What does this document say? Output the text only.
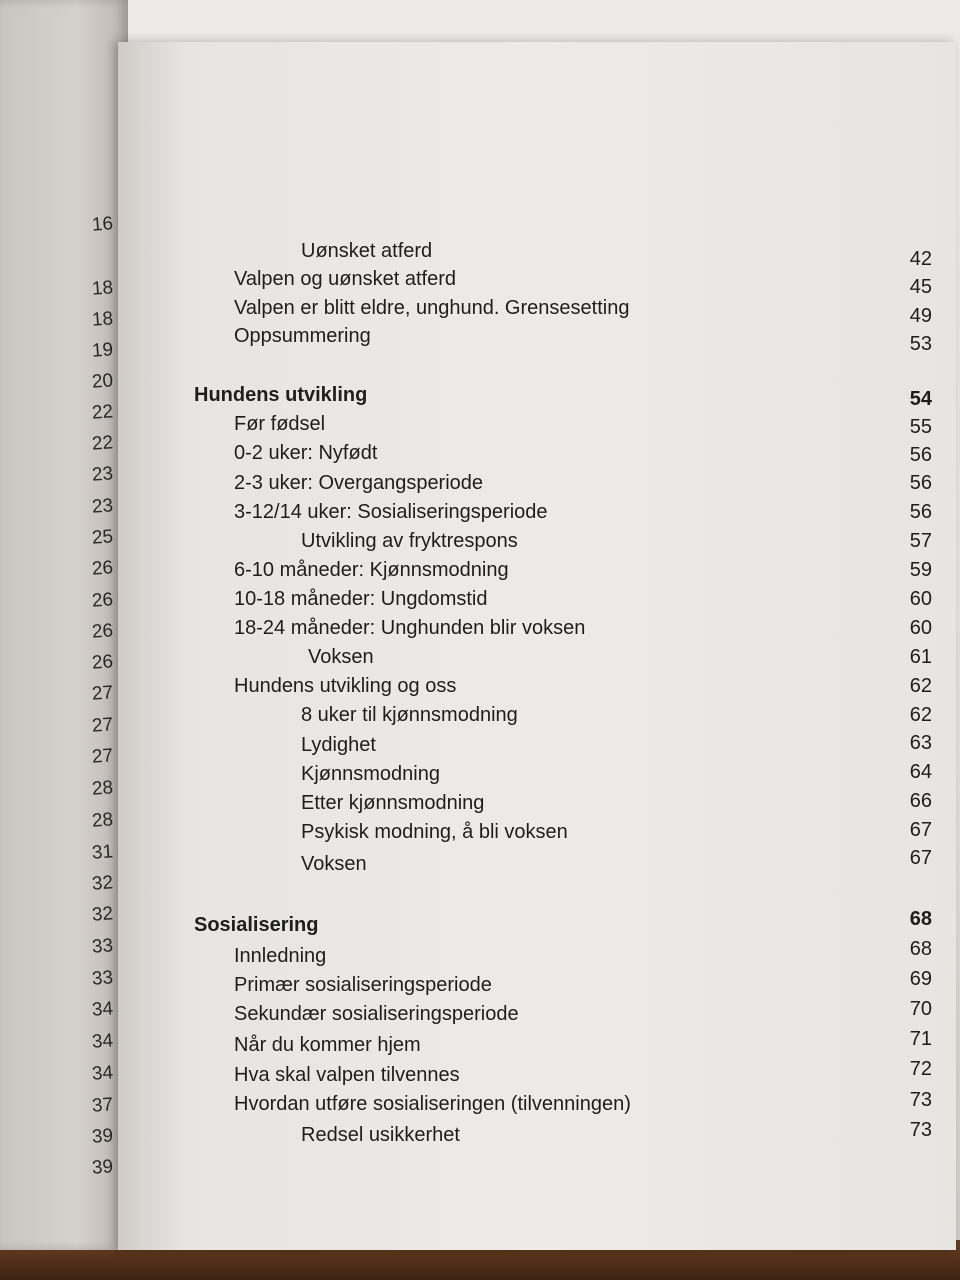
16
18
18
19
20
22
22
23
23
25
26
26
26
26
27
27
27
28
28
31
32
32
33
33
34
34
34
37
39
39
Uønsket atferd	42
Valpen og uønsket atferd	45
Valpen er blitt eldre, unghund. Grensesetting	49
Oppsummering	53
Hundens utvikling	54
Før fødsel	55
0-2 uker: Nyfødt	56
2-3 uker: Overgangsperiode	56
3-12/14 uker: Sosialiseringsperiode	56
Utvikling av fryktrespons	57
6-10 måneder: Kjønnsmodning	59
10-18 måneder: Ungdomstid	60
18-24 måneder: Unghunden blir voksen	60
Voksen	61
Hundens utvikling og oss	62
8 uker til kjønnsmodning	62
Lydighet	63
Kjønnsmodning	64
Etter kjønnsmodning	66
Psykisk modning, å bli voksen	67
Voksen	67
Sosialisering	68
Innledning	68
Primær sosialiseringsperiode	69
Sekundær sosialiseringsperiode	70
Når du kommer hjem	71
Hva skal valpen tilvennes	72
Hvordan utføre sosialiseringen (tilvenningen)	73
Redsel usikkerhet	73
